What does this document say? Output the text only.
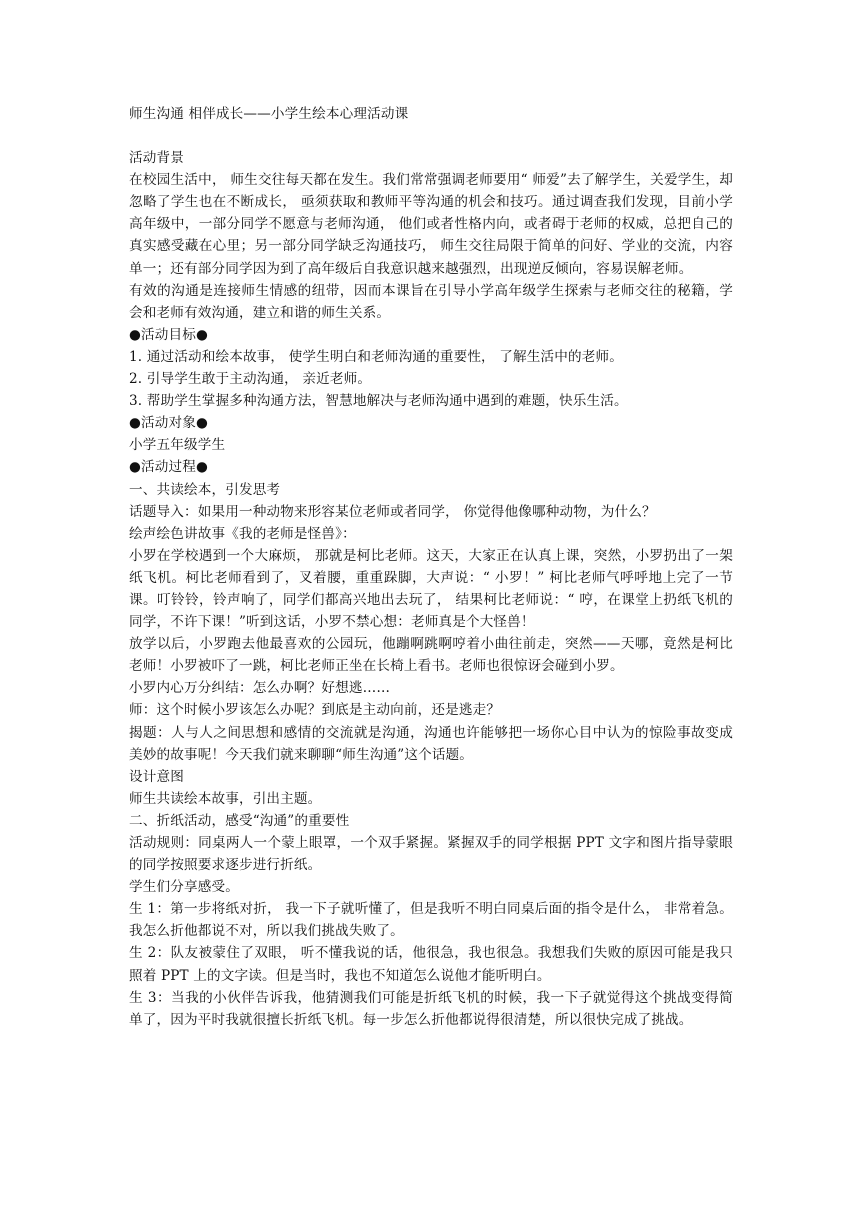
师生沟通 相伴成长——小学生绘本心理活动课

活动背景

在校园生活中， 师生交往每天都在发生。我们常常强调老师要用“ 师爱”去了解学生，关爱学生，却忽略了学生也在不断成长， 亟须获取和教师平等沟通的机会和技巧。通过调查我们发现，目前小学高年级中，一部分同学不愿意与老师沟通， 他们或者性格内向，或者碍于老师的权威，总把自己的真实感受藏在心里；另一部分同学缺乏沟通技巧， 师生交往局限于简单的问好、学业的交流，内容单一；还有部分同学因为到了高年级后自我意识越来越强烈，出现逆反倾向，容易误解老师。

有效的沟通是连接师生情感的纽带，因而本课旨在引导小学高年级学生探索与老师交往的秘籍，学会和老师有效沟通，建立和谐的师生关系。

●活动目标●

1. 通过活动和绘本故事， 使学生明白和老师沟通的重要性， 了解生活中的老师。

2. 引导学生敢于主动沟通， 亲近老师。

3. 帮助学生掌握多种沟通方法，智慧地解决与老师沟通中遇到的难题，快乐生活。

●活动对象●

小学五年级学生

●活动过程●

一、共读绘本，引发思考

话题导入：如果用一种动物来形容某位老师或者同学， 你觉得他像哪种动物，为什么？

绘声绘色讲故事《我的老师是怪兽》：

小罗在学校遇到一个大麻烦， 那就是柯比老师。这天，大家正在认真上课，突然，小罗扔出了一架纸飞机。柯比老师看到了，叉着腰，重重跺脚，大声说：“ 小罗！” 柯比老师气呼呼地上完了一节课。叮铃铃，铃声响了，同学们都高兴地出去玩了， 结果柯比老师说：“ 哼，在课堂上扔纸飞机的同学，不许下课！”听到这话，小罗不禁心想：老师真是个大怪兽！

放学以后，小罗跑去他最喜欢的公园玩，他蹦啊跳啊哼着小曲往前走，突然——天哪，竟然是柯比老师！小罗被吓了一跳，柯比老师正坐在长椅上看书。老师也很惊讶会碰到小罗。

小罗内心万分纠结：怎么办啊？好想逃……

师：这个时候小罗该怎么办呢？到底是主动向前，还是逃走？

揭题：人与人之间思想和感情的交流就是沟通，沟通也许能够把一场你心目中认为的惊险事故变成美妙的故事呢！今天我们就来聊聊“师生沟通”这个话题。

设计意图

师生共读绘本故事，引出主题。

二、折纸活动，感受“沟通”的重要性

活动规则：同桌两人一个蒙上眼罩，一个双手紧握。紧握双手的同学根据 PPT 文字和图片指导蒙眼的同学按照要求逐步进行折纸。

学生们分享感受。

生 1：第一步将纸对折， 我一下子就听懂了，但是我听不明白同桌后面的指令是什么， 非常着急。我怎么折他都说不对，所以我们挑战失败了。

生 2：队友被蒙住了双眼， 听不懂我说的话，他很急，我也很急。我想我们失败的原因可能是我只照着 PPT 上的文字读。但是当时，我也不知道怎么说他才能听明白。

生 3：当我的小伙伴告诉我，他猜测我们可能是折纸飞机的时候，我一下子就觉得这个挑战变得简单了，因为平时我就很擅长折纸飞机。每一步怎么折他都说得很清楚，所以很快完成了挑战。
